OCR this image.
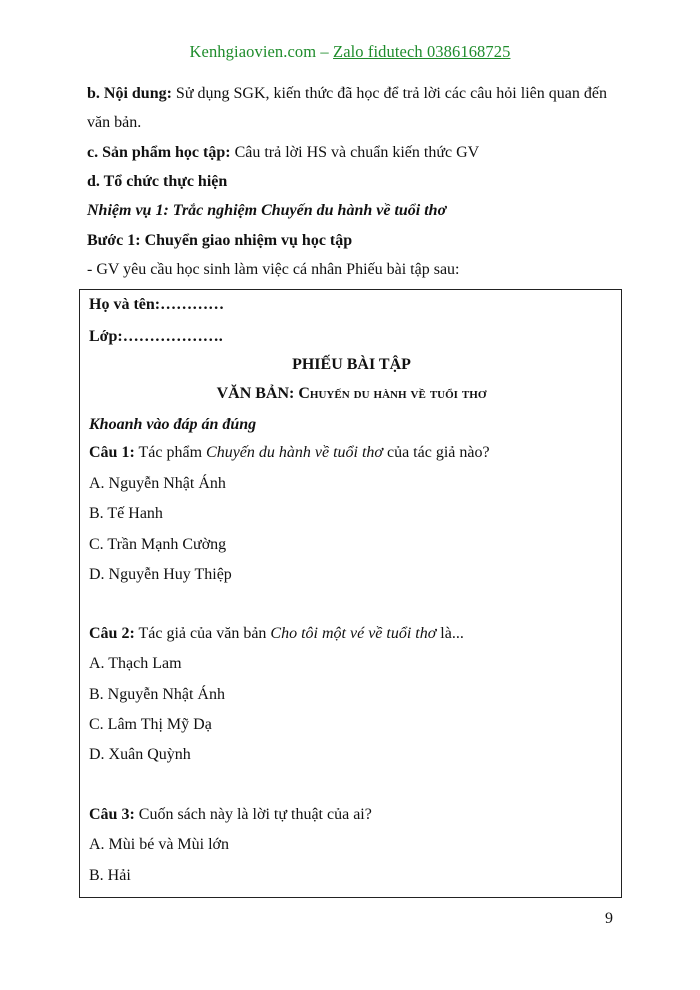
Kenhgiaovien.com – Zalo fidutech 0386168725
b. Nội dung: Sử dụng SGK, kiến thức đã học để trả lời các câu hỏi liên quan đến
văn bản.
c. Sản phẩm học tập: Câu trả lời HS và chuẩn kiến thức GV
d. Tổ chức thực hiện
Nhiệm vụ 1: Trắc nghiệm Chuyến du hành về tuổi thơ
Bước 1: Chuyển giao nhiệm vụ học tập
- GV yêu cầu học sinh làm việc cá nhân Phiếu bài tập sau:
Họ và tên:…………
Lớp:……………….
PHIẾU BÀI TẬP
VĂN BẢN: Chuyến du hành về tuổi thơ
Khoanh vào đáp án đúng
Câu 1: Tác phẩm Chuyến du hành về tuổi thơ của tác giả nào?
A. Nguyễn Nhật Ánh
B. Tế Hanh
C. Trần Mạnh Cường
D. Nguyễn Huy Thiệp
Câu 2: Tác giả của văn bản Cho tôi một vé về tuổi thơ là...
A. Thạch Lam
B. Nguyễn Nhật Ánh
C. Lâm Thị Mỹ Dạ
D. Xuân Quỳnh
Câu 3: Cuốn sách này là lời tự thuật của ai?
A. Mùi bé và Mùi lớn
B. Hải
9
